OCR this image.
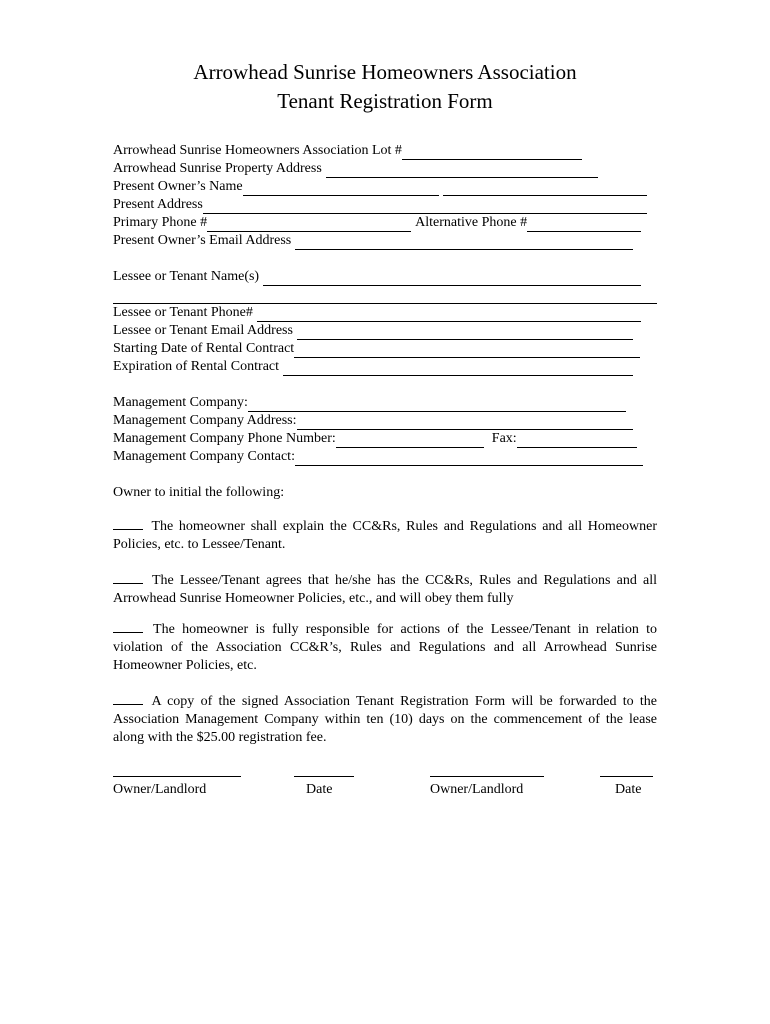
Arrowhead Sunrise Homeowners Association
Tenant Registration Form
Arrowhead Sunrise Homeowners Association Lot #
Arrowhead Sunrise Property Address
Present Owner’s Name
Present Address
Primary Phone #	Alternative Phone #
Present Owner’s Email Address
Lessee or Tenant Name(s)
Lessee or Tenant Phone#
Lessee or Tenant Email Address
Starting Date of Rental Contract
Expiration of Rental Contract
Management Company:
Management Company Address:
Management Company Phone Number:	Fax:
Management Company Contact:
Owner to initial the following:
The homeowner shall explain the CC&Rs, Rules and Regulations and all Homeowner Policies, etc. to Lessee/Tenant.
The Lessee/Tenant agrees that he/she has the CC&Rs, Rules and Regulations and all Arrowhead Sunrise Homeowner Policies, etc., and will obey them fully
The homeowner is fully responsible for actions of the Lessee/Tenant in relation to violation of the Association CC&R’s, Rules and Regulations and all Arrowhead Sunrise Homeowner Policies, etc.
A copy of the signed Association Tenant Registration Form will be forwarded to the Association Management Company within ten (10) days on the commencement of the lease along with the $25.00 registration fee.
Owner/Landlord	Date	Owner/Landlord	Date
